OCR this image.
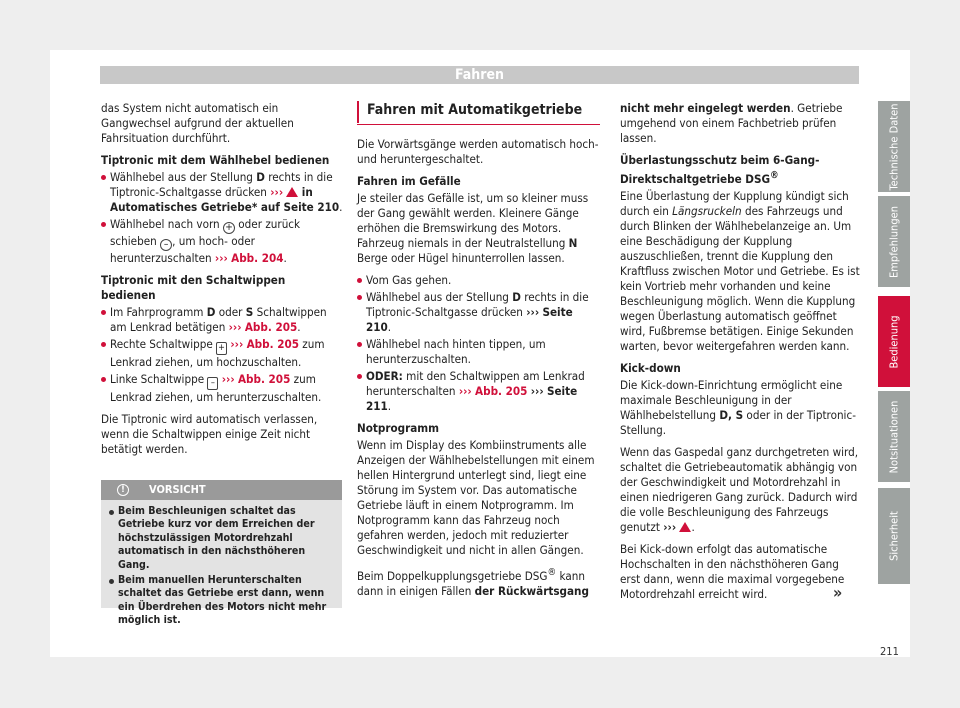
Fahren

das System nicht automatisch ein Gangwechsel aufgrund der aktuellen Fahrsituation durchführt.

Tiptronic mit dem Wählhebel bedienen
Wählhebel aus der Stellung D rechts in die Tiptronic-Schaltgasse drücken ››› in Automatisches Getriebe* auf Seite 210.
Wählhebel nach vorn + oder zurück schieben – , um hoch- oder herunterzuschalten ››› Abb. 204.
Tiptronic mit den Schaltwippen bedienen
Im Fahrprogramm D oder S Schaltwippen am Lenkrad betätigen ››› Abb. 205.
Rechte Schaltwippe + ››› Abb. 205 zum Lenkrad ziehen, um hochzuschalten.
Linke Schaltwippe – ››› Abb. 205 zum Lenkrad ziehen, um herunterzuschalten.

Die Tiptronic wird automatisch verlassen, wenn die Schaltwippen einige Zeit nicht betätigt werden.

!	VORSICHT
Beim Beschleunigen schaltet das Getriebe kurz vor dem Erreichen der höchstzulässigen Motordrehzahl automatisch in den nächsthöheren Gang.
Beim manuellen Herunterschalten schaltet das Getriebe erst dann, wenn ein Überdrehen des Motors nicht mehr möglich ist.
Fahren mit Automatikgetriebe

Die Vorwärtsgänge werden automatisch hoch- und heruntergeschaltet.

Fahren im Gefälle

Je steiler das Gefälle ist, um so kleiner muss der Gang gewählt werden. Kleinere Gänge erhöhen die Bremswirkung des Motors. Fahrzeug niemals in der Neutralstellung N Berge oder Hügel hinunterrollen lassen.

Vom Gas gehen.
Wählhebel aus der Stellung D rechts in die Tiptronic-Schaltgasse drücken ››› Seite 210.
Wählhebel nach hinten tippen, um herunterzuschalten.
ODER: mit den Schaltwippen am Lenkrad herunterschalten ››› Abb. 205 ››› Seite 211.
Notprogramm

Wenn im Display des Kombiinstruments alle Anzeigen der Wählhebelstellungen mit einem hellen Hintergrund unterlegt sind, liegt eine Störung im System vor. Das automatische Getriebe läuft in einem Notprogramm. Im Notprogramm kann das Fahrzeug noch gefahren werden, jedoch mit reduzierter Geschwindigkeit und nicht in allen Gängen.

Beim Doppelkupplungsgetriebe DSG® kann dann in einigen Fällen der Rückwärtsgang

nicht mehr eingelegt werden. Getriebe umgehend von einem Fachbetrieb prüfen lassen.

Überlastungsschutz beim 6-Gang-Direktschaltgetriebe DSG®

Eine Überlastung der Kupplung kündigt sich durch ein Längsruckeln des Fahrzeugs und durch Blinken der Wählhebelanzeige an. Um eine Beschädigung der Kupplung auszuschließen, trennt die Kupplung den Kraftfluss zwischen Motor und Getriebe. Es ist kein Vortrieb mehr vorhanden und keine Beschleunigung möglich. Wenn die Kupplung wegen Überlastung automatisch geöffnet wird, Fußbremse betätigen. Einige Sekunden warten, bevor weitergefahren werden kann.

Kick-down

Die Kick-down-Einrichtung ermöglicht eine maximale Beschleunigung in der Wählhebelstellung D, S oder in der Tiptronic-Stellung.

Wenn das Gaspedal ganz durchgetreten wird, schaltet die Getriebeautomatik abhängig von der Geschwindigkeit und Motordrehzahl in einen niedrigeren Gang zurück. Dadurch wird die volle Beschleunigung des Fahrzeugs genutzt ››› .

Bei Kick-down erfolgt das automatische Hochschalten in den nächsthöheren Gang erst dann, wenn die maximal vorgegebene Motordrehzahl erreicht wird.	»
Technische Daten
Empfehlungen
Bedienung
Notsituationen
Sicherheit
211
